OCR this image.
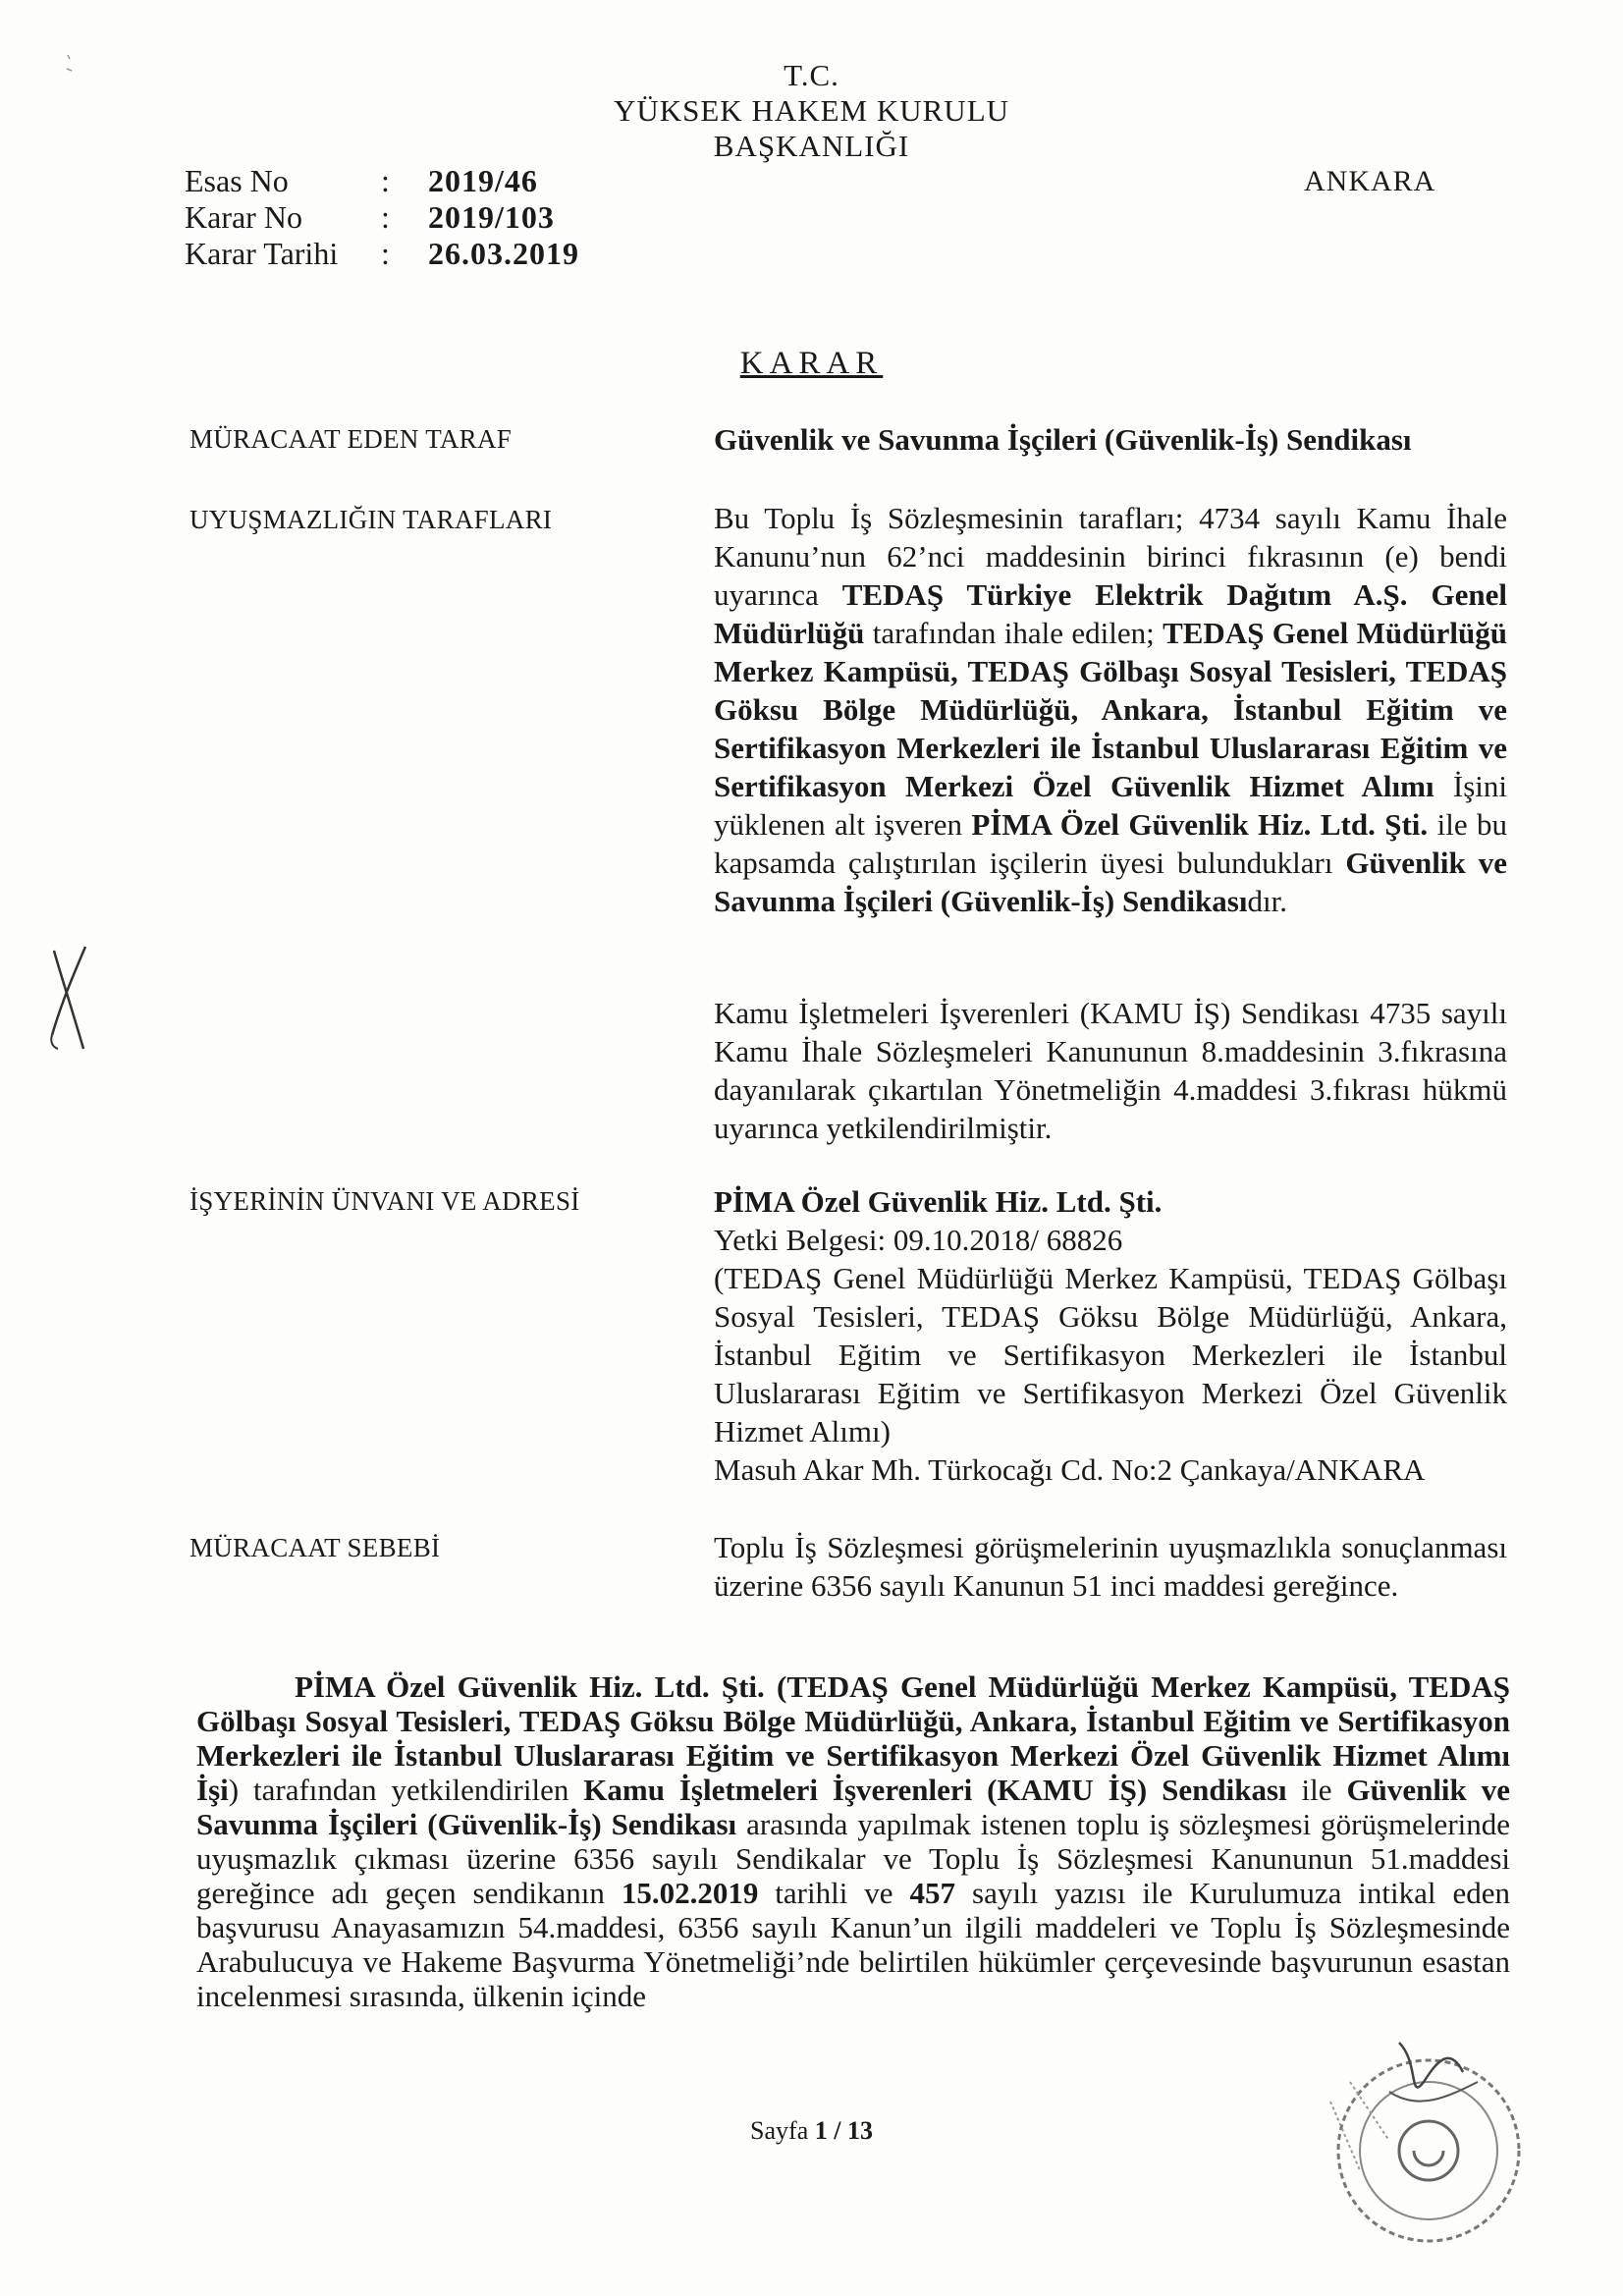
T.C.
YÜKSEK HAKEM KURULU
BAŞKANLIĞI
Esas No	:	2019/46
Karar No	:	2019/103
Karar Tarihi	:	26.03.2019
ANKARA
KARAR
MÜRACAAT EDEN TARAF	Güvenlik ve Savunma İşçileri (Güvenlik-İş) Sendikası
UYUŞMAZLIĞIN TARAFLARI	Bu Toplu İş Sözleşmesinin tarafları; 4734 sayılı Kamu İhale Kanunu’nun 62’nci maddesinin birinci fıkrasının (e) bendi uyarınca TEDAŞ Türkiye Elektrik Dağıtım A.Ş. Genel Müdürlüğü tarafından ihale edilen; TEDAŞ Genel Müdürlüğü Merkez Kampüsü, TEDAŞ Gölbaşı Sosyal Tesisleri, TEDAŞ Göksu Bölge Müdürlüğü, Ankara, İstanbul Eğitim ve Sertifikasyon Merkezleri ile İstanbul Uluslararası Eğitim ve Sertifikasyon Merkezi Özel Güvenlik Hizmet Alımı İşini yüklenen alt işveren PİMA Özel Güvenlik Hiz. Ltd. Şti. ile bu kapsamda çalıştırılan işçilerin üyesi bulundukları Güvenlik ve Savunma İşçileri (Güvenlik-İş) Sendikasıdır.
Kamu İşletmeleri İşverenleri (KAMU İŞ) Sendikası 4735 sayılı Kamu İhale Sözleşmeleri Kanununun 8.maddesinin 3.fıkrasına dayanılarak çıkartılan Yönetmeliğin 4.maddesi 3.fıkrası hükmü uyarınca yetkilendirilmiştir.
İŞYERİNİN ÜNVANI VE ADRESİ	PİMA Özel Güvenlik Hiz. Ltd. Şti.
Yetki Belgesi: 09.10.2018/ 68826
(TEDAŞ Genel Müdürlüğü Merkez Kampüsü, TEDAŞ Gölbaşı Sosyal Tesisleri, TEDAŞ Göksu Bölge Müdürlüğü, Ankara, İstanbul Eğitim ve Sertifikasyon Merkezleri ile İstanbul Uluslararası Eğitim ve Sertifikasyon Merkezi Özel Güvenlik Hizmet Alımı)
Masuh Akar Mh. Türkocağı Cd. No:2 Çankaya/ANKARA
MÜRACAAT SEBEBİ	Toplu İş Sözleşmesi görüşmelerinin uyuşmazlıkla sonuçlanması üzerine 6356 sayılı Kanunun 51 inci maddesi gereğince.
PİMA Özel Güvenlik Hiz. Ltd. Şti. (TEDAŞ Genel Müdürlüğü Merkez Kampüsü, TEDAŞ Gölbaşı Sosyal Tesisleri, TEDAŞ Göksu Bölge Müdürlüğü, Ankara, İstanbul Eğitim ve Sertifikasyon Merkezleri ile İstanbul Uluslararası Eğitim ve Sertifikasyon Merkezi Özel Güvenlik Hizmet Alımı İşi) tarafından yetkilendirilen Kamu İşletmeleri İşverenleri (KAMU İŞ) Sendikası ile Güvenlik ve Savunma İşçileri (Güvenlik-İş) Sendikası arasında yapılmak istenen toplu iş sözleşmesi görüşmelerinde uyuşmazlık çıkması üzerine 6356 sayılı Sendikalar ve Toplu İş Sözleşmesi Kanununun 51.maddesi gereğince adı geçen sendikanın 15.02.2019 tarihli ve 457 sayılı yazısı ile Kurulumuza intikal eden başvurusu Anayasamızın 54.maddesi, 6356 sayılı Kanun’un ilgili maddeleri ve Toplu İş Sözleşmesinde Arabulucuya ve Hakeme Başvurma Yönetmeliği’nde belirtilen hükümler çerçevesinde başvurunun esastan incelenmesi sırasında, ülkenin içinde
Sayfa 1 / 13
